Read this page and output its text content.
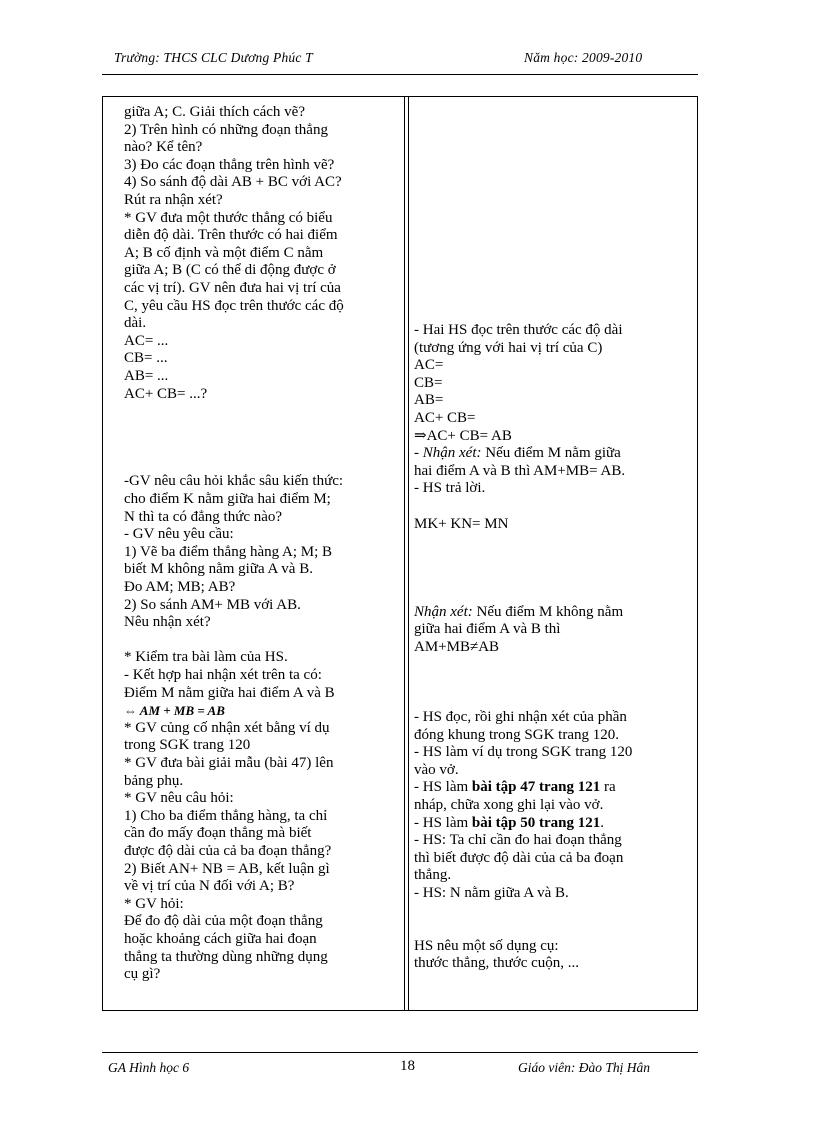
Trường: THCS CLC Dương Phúc T	Năm học: 2009-2010
giữa A; C. Giải thích cách vẽ?
2) Trên hình có những đoạn thẳng
nào? Kể tên?
3) Đo các đoạn thẳng trên hình vẽ?
4) So sánh độ dài AB + BC với AC?
Rút ra nhận xét?
* GV đưa một thước thẳng có biểu
diễn độ dài. Trên thước có hai điểm
A; B cố định và một điểm C nằm
giữa A; B (C có thể di động được ở
các vị trí). GV nên đưa hai vị trí của
C, yêu cầu HS đọc trên thước các độ
dài.
AC= ...
CB= ...
AB= ...
AC+ CB= ...?
-GV nêu câu hỏi khắc sâu kiến thức:
cho điểm K nằm giữa hai điểm M;
N thì ta có đẳng thức nào?
- GV nêu yêu cầu:
1) Vẽ ba điểm thẳng hàng A; M; B
biết M không nằm giữa A và B.
Đo AM; MB; AB?
2) So sánh AM+ MB với AB.
Nêu nhận xét?
* Kiểm tra bài làm của HS.
- Kết hợp hai nhận xét trên ta có:
Điểm M nằm giữa hai điểm A và B
⇔ AM + MB = AB
* GV củng cố nhận xét bằng ví dụ
trong SGK trang 120
* GV đưa bài giải mẫu (bài 47) lên
bảng phụ.
* GV nêu câu hỏi:
1) Cho ba điểm thẳng hàng, ta chỉ
cần đo mấy đoạn thẳng mà biết
được độ dài của cả ba đoạn thẳng?
2) Biết AN+ NB = AB, kết luận gì
về vị trí của N đối với A; B?
* GV hỏi:
Để đo độ dài của một đoạn thẳng
hoặc khoảng cách giữa hai đoạn
thẳng ta thường dùng những dụng
cụ gì?
- Hai HS đọc trên thước các độ dài
(tương ứng với hai vị trí của C)
AC=
CB=
AB=
AC+ CB=
⇒AC+ CB= AB
- Nhận xét: Nếu điểm M nằm giữa
hai điểm A và B thì AM+MB= AB.
- HS trả lời.
MK+ KN= MN
Nhận xét: Nếu điểm M không nằm
giữa hai điểm A và B thì
AM+MB≠AB
- HS đọc, rồi ghi nhận xét của phần
đóng khung trong SGK trang 120.
- HS làm ví dụ trong SGK trang 120
vào vở.
- HS làm bài tập 47 trang 121 ra
nháp, chữa xong ghi lại vào vở.
- HS làm bài tập 50 trang 121.
- HS: Ta chỉ cần đo hai đoạn thẳng
thì biết được độ dài của cả ba đoạn
thẳng.
- HS: N nằm giữa A và B.
HS nêu một số dụng cụ:
thước thẳng, thước cuộn, ...
GA Hình học 6	18	Giáo viên: Đào Thị Hân
